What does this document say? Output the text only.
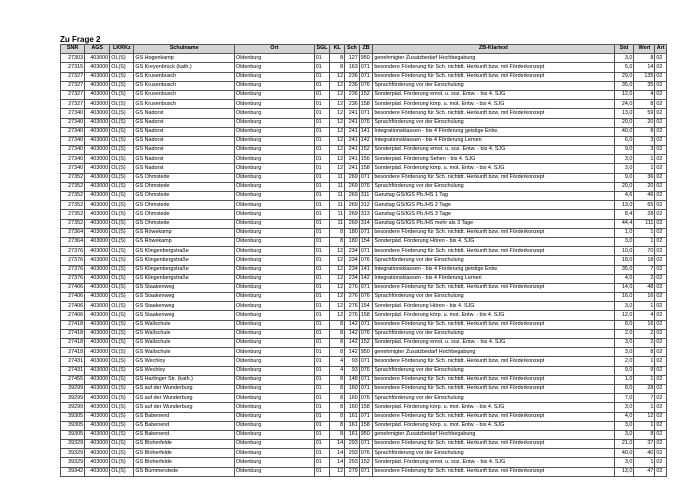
Zu Frage 2
SNR	AGS	LKRKz	Schulname	Ort	SGL	KL	Sch	ZB	ZB-Klartext	Std	Wert	Art
27303	403000	OL(S)	GS Hogenkamp	Oldenburg	01	8	127	950	genehmigter Zusatzbedarf Hochbegabung	3,0	8	02
27315	403000	OL(S)	GS Kreyenbrück (kath.)	Oldenburg	01	8	163	071	besondere Förderung für Sch. nichtdt. Herkunft bzw. mit Förderkonzept	5,0	14	02
27327	403000	OL(S)	GS Krusenbusch	Oldenburg	01	12	236	071	besondere Förderung für Sch. nichtdt. Herkunft bzw. mit Förderkonzept	29,0	135	02
27327	403000	OL(S)	GS Krusenbusch	Oldenburg	01	12	236	076	Sprachförderung vor der Einschulung	35,0	35	02
27327	403000	OL(S)	GS Krusenbusch	Oldenburg	01	12	236	152	Sonderpäd. Förderung emot. u. soz. Entw. - bis 4. SJG	12,0	4	02
27327	403000	OL(S)	GS Krusenbusch	Oldenburg	01	12	236	158	Sonderpäd. Förderung körp. u. mot. Entw. - bis 4. SJG	24,0	8	02
27340	403000	OL(S)	GS Nadorst	Oldenburg	01	12	241	071	besondere Förderung für Sch. nichtdt. Herkunft bzw. mit Förderkonzept	13,0	59	02
27340	403000	OL(S)	GS Nadorst	Oldenburg	01	12	241	076	Sprachförderung vor der Einschulung	20,0	20	02
27340	403000	OL(S)	GS Nadorst	Oldenburg	01	12	241	141	Integrationsklassen - bis 4 Förderung geistige Entw.	40,0	8	02
27340	403000	OL(S)	GS Nadorst	Oldenburg	01	12	241	142	Integrationsklassen - bis 4 Förderung Lernen	6,0	3	02
27340	403000	OL(S)	GS Nadorst	Oldenburg	01	12	241	152	Sonderpäd. Förderung emot. u. soz. Entw. - bis 4. SJG	9,0	3	02
27340	403000	OL(S)	GS Nadorst	Oldenburg	01	12	241	156	Sonderpäd. Förderung Sehen - bis 4. SJG	3,0	1	02
27340	403000	OL(S)	GS Nadorst	Oldenburg	01	12	241	158	Sonderpäd. Förderung körp. u. mot. Entw. - bis 4. SJG	3,0	1	02
27352	403000	OL(S)	GS Ohmstede	Oldenburg	01	11	269	071	besondere Förderung für Sch. nichtdt. Herkunft bzw. mit Förderkonzept	9,0	36	02
27352	403000	OL(S)	GS Ohmstede	Oldenburg	01	11	269	076	Sprachförderung vor der Einschulung	20,0	20	02
27352	403000	OL(S)	GS Ohmstede	Oldenburg	01	11	269	311	Ganztag GS/IGS Pb./HS 1 Tag	4,6	46	02
27352	403000	OL(S)	GS Ohmstede	Oldenburg	01	11	269	312	Ganztag GS/IGS Pb./HS 2 Tage	13,0	65	02
27352	403000	OL(S)	GS Ohmstede	Oldenburg	01	11	269	313	Ganztag GS/IGS Pb./HS 3 Tage	8,4	28	02
27352	403000	OL(S)	GS Ohmstede	Oldenburg	01	11	269	314	Ganztag GS/IGS Pb./HS mehr als 3 Tage	44,4	111	02
27364	403000	OL(S)	GS Röwekamp	Oldenburg	01	8	180	071	besondere Förderung für Sch. nichtdt. Herkunft bzw. mit Förderkonzept	1,0	1	02
27364	403000	OL(S)	GS Röwekamp	Oldenburg	01	8	180	154	Sonderpäd. Förderung Hören - bis 4. SJG	3,0	1	02
27376	403000	OL(S)	GS Klingenbergstraße	Oldenburg	01	12	234	071	besondere Förderung für Sch. nichtdt. Herkunft bzw. mit Förderkonzept	10,0	70	02
27376	403000	OL(S)	GS Klingenbergstraße	Oldenburg	01	12	234	076	Sprachförderung vor der Einschulung	18,0	18	02
27376	403000	OL(S)	GS Klingenbergstraße	Oldenburg	01	12	234	141	Integrationsklassen - bis 4 Förderung geistige Entw.	35,0	7	02
27376	403000	OL(S)	GS Klingenbergstraße	Oldenburg	01	12	234	142	Integrationsklassen - bis 4 Förderung Lernen	4,0	2	02
27406	403000	OL(S)	GS Staakenweg	Oldenburg	01	12	276	071	besondere Förderung für Sch. nichtdt. Herkunft bzw. mit Förderkonzept	14,0	48	02
27406	403000	OL(S)	GS Staakenweg	Oldenburg	01	12	276	076	Sprachförderung vor der Einschulung	16,0	16	02
27406	403000	OL(S)	GS Staakenweg	Oldenburg	01	12	276	154	Sonderpäd. Förderung Hören - bis 4. SJG	3,0	1	02
27406	403000	OL(S)	GS Staakenweg	Oldenburg	01	12	276	158	Sonderpäd. Förderung körp. u. mot. Entw. - bis 4. SJG	12,0	4	02
27418	403000	OL(S)	GS Wallschule	Oldenburg	01	8	142	071	besondere Förderung für Sch. nichtdt. Herkunft bzw. mit Förderkonzept	8,0	16	02
27418	403000	OL(S)	GS Wallschule	Oldenburg	01	8	142	076	Sprachförderung vor der Einschulung	2,0	2	02
27418	403000	OL(S)	GS Wallschule	Oldenburg	01	8	142	152	Sonderpäd. Förderung emot. u. soz. Entw. - bis 4. SJG	3,0	2	02
27418	403000	OL(S)	GS Wallschule	Oldenburg	01	8	142	950	genehmigter Zusatzbedarf Hochbegabung	3,0	8	02
27431	403000	OL(S)	GS Wechloy	Oldenburg	01	4	93	071	besondere Förderung für Sch. nichtdt. Herkunft bzw. mit Förderkonzept	2,0	1	02
27431	403000	OL(S)	GS Wechloy	Oldenburg	01	4	93	076	Sprachförderung vor der Einschulung	9,0	9	02
27455	403000	OL(S)	GS Harlinger Str. (kath.)	Oldenburg	01	8	148	071	besondere Förderung für Sch. nichtdt. Herkunft bzw. mit Förderkonzept	1,0	1	02
39299	403000	OL(S)	GS auf der Wunderburg	Oldenburg	01	8	160	071	besondere Förderung für Sch. nichtdt. Herkunft bzw. mit Förderkonzept	8,0	28	02
39299	403000	OL(S)	GS auf der Wunderburg	Oldenburg	01	8	160	076	Sprachförderung vor der Einschulung	7,0	7	02
39299	403000	OL(S)	GS auf der Wunderburg	Oldenburg	01	8	160	158	Sonderpäd. Förderung körp. u. mot. Entw. - bis 4. SJG	3,0	1	02
39305	403000	OL(S)	GS Babenend	Oldenburg	01	8	161	071	besondere Förderung für Sch. nichtdt. Herkunft bzw. mit Förderkonzept	4,0	12	02
39305	403000	OL(S)	GS Babenend	Oldenburg	01	8	161	158	Sonderpäd. Förderung körp. u. mot. Entw. - bis 4. SJG	3,0	1	02
39305	403000	OL(S)	GS Babenend	Oldenburg	01	8	161	950	genehmigter Zusatzbedarf Hochbegabung	3,0	8	02
39329	403000	OL(S)	GS Bloherfelde	Oldenburg	01	14	293	071	besondere Förderung für Sch. nichtdt. Herkunft bzw. mit Förderkonzept	21,0	37	02
39329	403000	OL(S)	GS Bloherfelde	Oldenburg	01	14	293	076	Sprachförderung vor der Einschulung	40,0	40	02
39329	403000	OL(S)	GS Bloherfelde	Oldenburg	01	14	293	152	Sonderpäd. Förderung emot. u. soz. Entw. - bis 4. SJG	3,0	1	02
39342	403000	OL(S)	GS Bümmerstede	Oldenburg	01	12	279	071	besondere Förderung für Sch. nichtdt. Herkunft bzw. mit Förderkonzept	13,0	47	02
